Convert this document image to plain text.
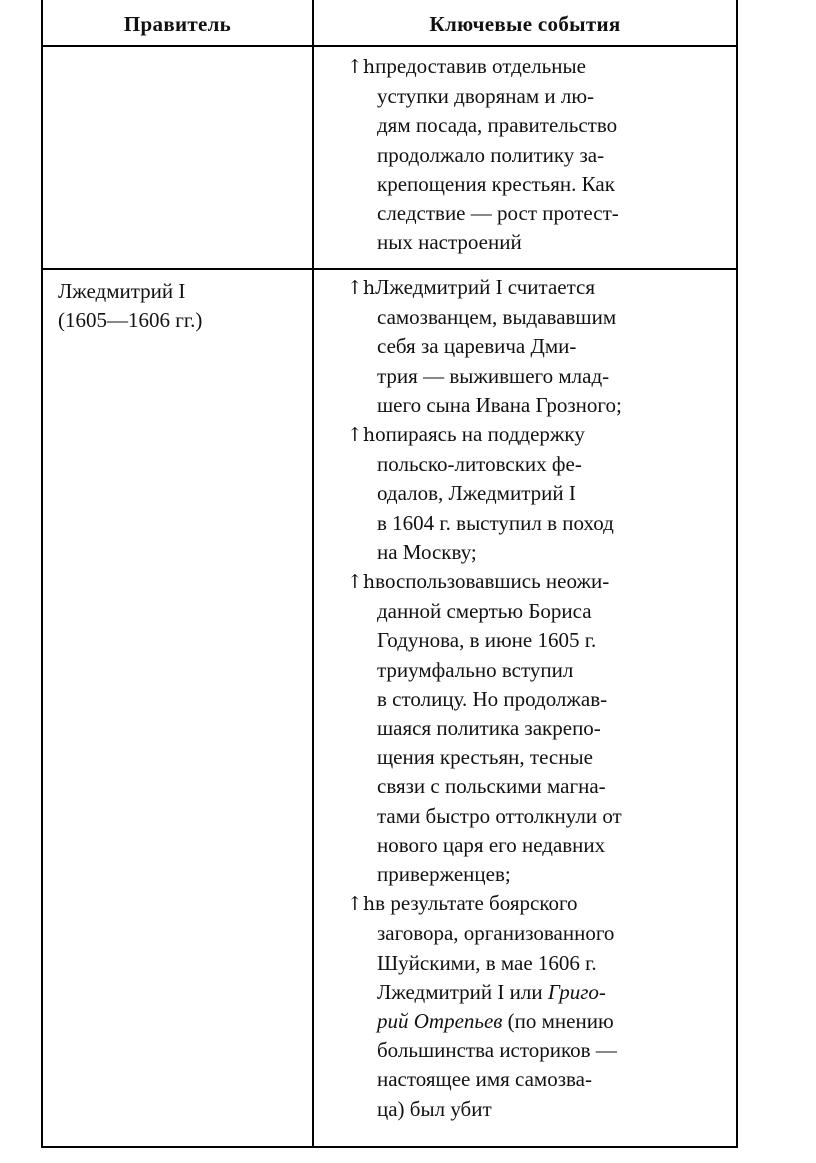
Правитель	Ключевые события
↑hпредоставив отдельные
уступки дворянам и лю-
дям посада, правительство
продолжало политику за-
крепощения крестьян. Как
следствие — рост протест-
ных настроений
Лжедмитрий I
(1605—1606 гг.)
↑hЛжедмитрий I считается
самозванцем, выдававшим
себя за царевича Дми-
трия — выжившего млад-
шего сына Ивана Грозного;
↑hопираясь на поддержку
польско-литовских фе-
одалов, Лжедмитрий I
в 1604 г. выступил в поход
на Москву;
↑hвоспользовавшись неожи-
данной смертью Бориса
Годунова, в июне 1605 г.
триумфально вступил
в столицу. Но продолжав-
шаяся политика закрепо-
щения крестьян, тесные
связи с польскими магна-
тами быстро оттолкнули от
нового царя его недавних
приверженцев;
↑hв результате боярского
заговора, организованного
Шуйскими, в мае 1606 г.
Лжедмитрий I или Григо-
рий Отрепьев (по мнению
большинства историков —
настоящее имя самозва-
ца) был убит
